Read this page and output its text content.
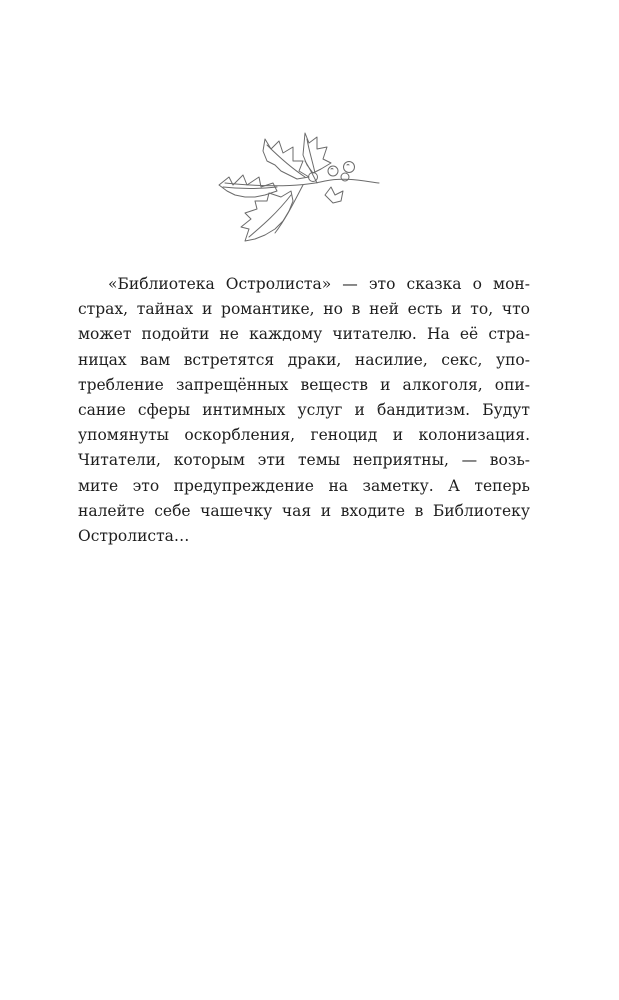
«Библиотека Остролиста» — это сказка о мон-
страх, тайнах и романтике, но в ней есть и то, что
может подойти не каждому читателю. На её стра-
ницах вам встретятся драки, насилие, секс, упо-
требление запрещённых веществ и алкоголя, опи-
сание сферы интимных услуг и бандитизм. Будут
упомянуты оскорбления, геноцид и колонизация.
Читатели, которым эти темы неприятны, — возь-
мите это предупреждение на заметку. А теперь
налейте себе чашечку чая и входите в Библиотеку
Остролиста…
